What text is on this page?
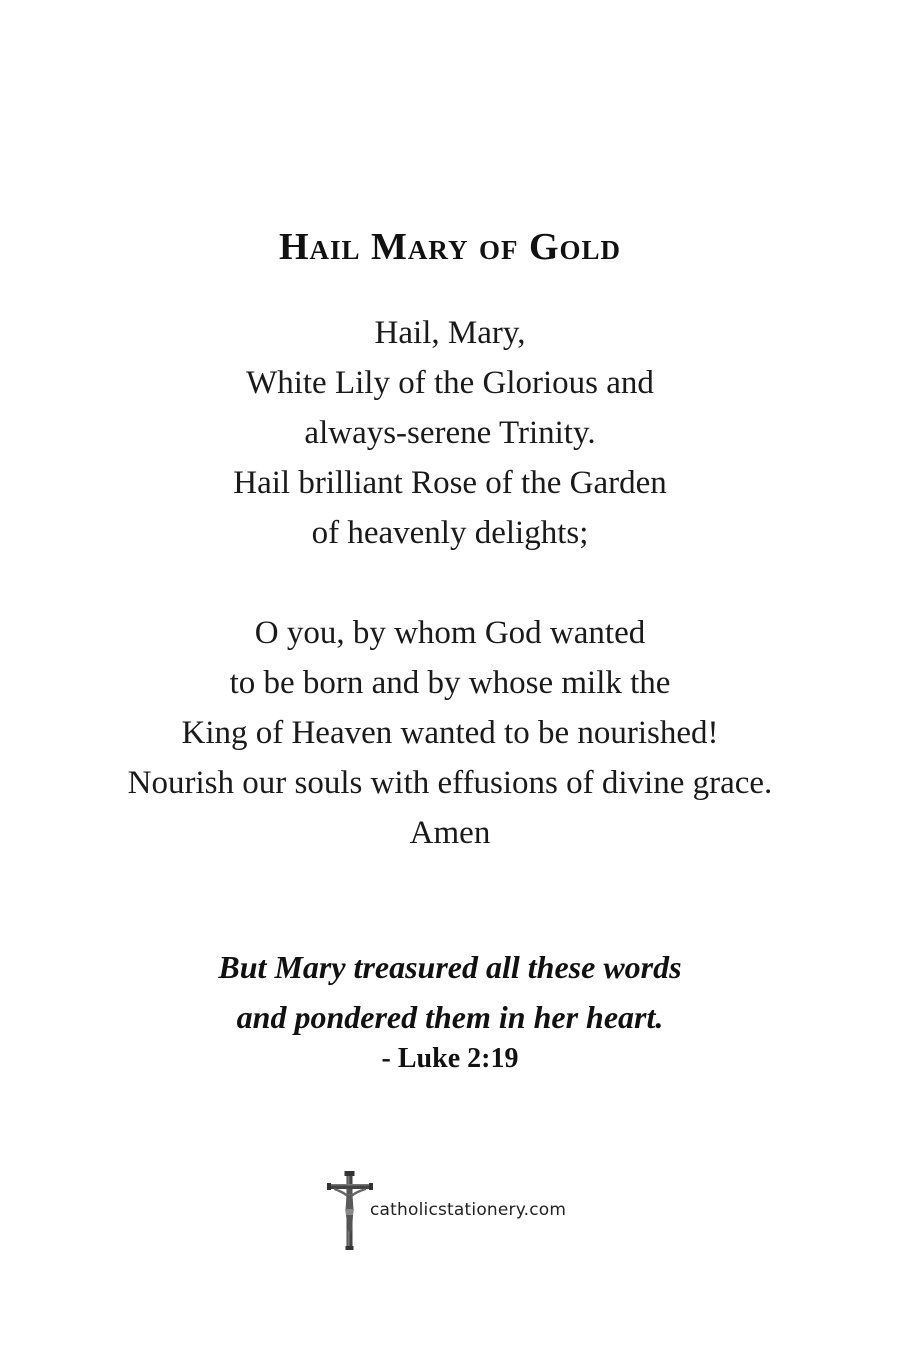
Hail Mary of Gold
Hail, Mary,
White Lily of the Glorious and
always-serene Trinity.
Hail brilliant Rose of the Garden
of heavenly delights;
O you, by whom God wanted
to be born and by whose milk the
King of Heaven wanted to be nourished!
Nourish our souls with effusions of divine grace.
Amen
But Mary treasured all these words
and pondered them in her heart.
- Luke 2:19
catholicstationery.com
